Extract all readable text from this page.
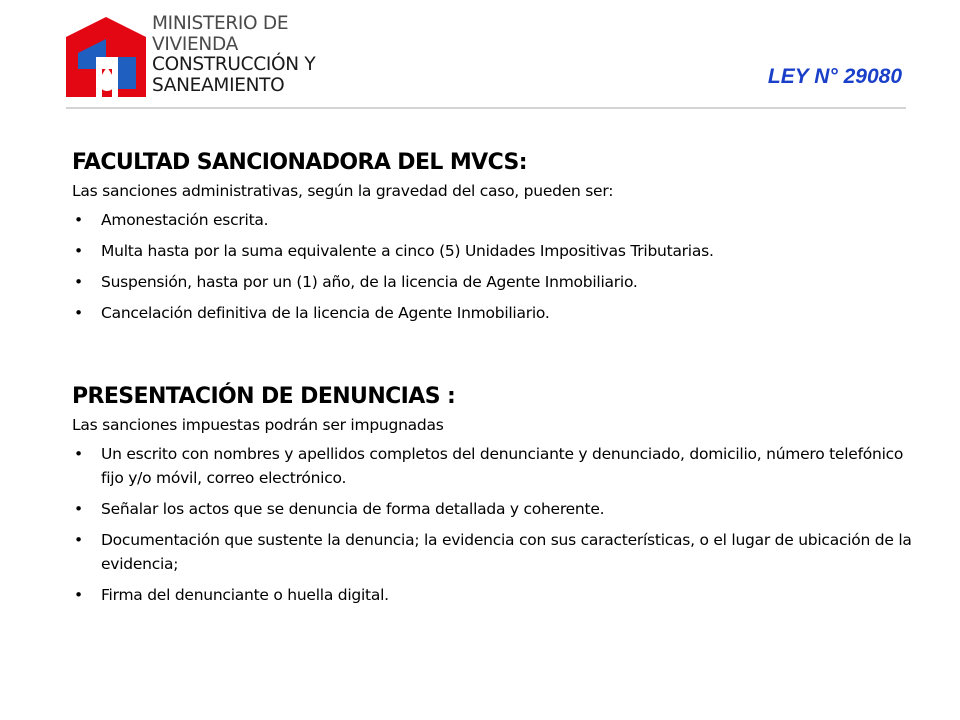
MINISTERIO DE
VIVIENDA
CONSTRUCCIÓN Y
SANEAMIENTO	LEY N° 29080
FACULTAD SANCIONADORA DEL MVCS:

Las sanciones administrativas, según la gravedad del caso, pueden ser:

• Amonestación escrita.
• Multa hasta por la suma equivalente a cinco (5) Unidades Impositivas Tributarias.
• Suspensión, hasta por un (1) año, de la licencia de Agente Inmobiliario.
• Cancelación definitiva de la licencia de Agente Inmobiliario.
PRESENTACIÓN DE DENUNCIAS :

Las sanciones impuestas podrán ser impugnadas

• Un escrito con nombres y apellidos completos del denunciante y denunciado, domicilio, número telefónico fijo y/o móvil, correo electrónico.
• Señalar los actos que se denuncia de forma detallada y coherente.
• Documentación que sustente la denuncia; la evidencia con sus características, o el lugar de ubicación de la evidencia;
• Firma del denunciante o huella digital.
